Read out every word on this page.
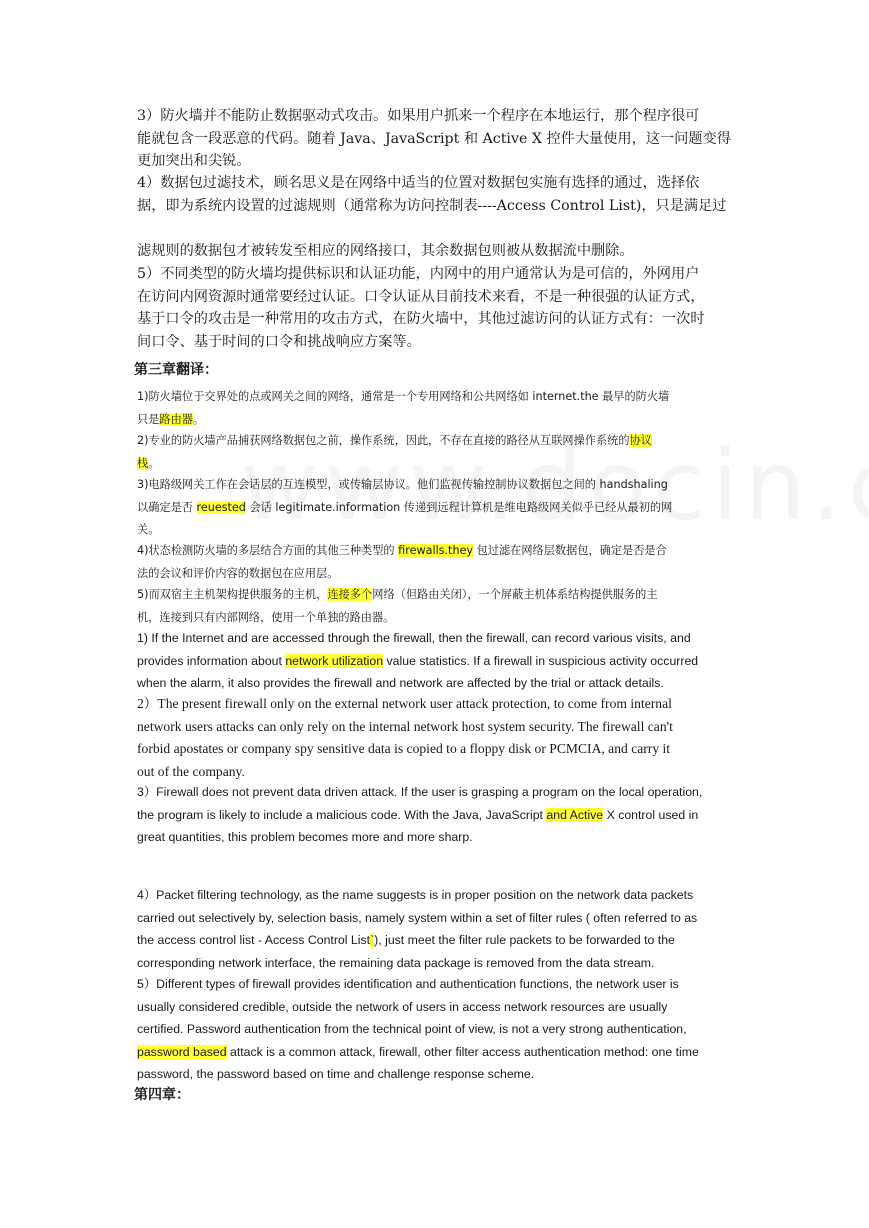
3）防火墙并不能防止数据驱动式攻击。如果用户抓来一个程序在本地运行，那个程序很可
能就包含一段恶意的代码。随着 Java、JavaScript 和 Active X 控件大量使用，这一问题变得
更加突出和尖锐。
4）数据包过滤技术，顾名思义是在网络中适当的位置对数据包实施有选择的通过，选择依
据，即为系统内设置的过滤规则（通常称为访问控制表----Access Control List)，只是满足过
滤规则的数据包才被转发至相应的网络接口，其余数据包则被从数据流中删除。
5）不同类型的防火墙均提供标识和认证功能，内网中的用户通常认为是可信的，外网用户
在访问内网资源时通常要经过认证。口令认证从目前技术来看，不是一种很强的认证方式，
基于口令的攻击是一种常用的攻击方式，在防火墙中，其他过滤访问的认证方式有：一次时
间口令、基于时间的口令和挑战响应方案等。
第三章翻译：
1)防火墙位于交界处的点或网关之间的网络，通常是一个专用网络和公共网络如 internet.the 最早的防火墙
只是路由器。
2)专业的防火墙产品捕获网络数据包之前，操作系统，因此，不存在直接的路径从互联网操作系统的协议
栈。
3)电路级网关工作在会话层的互连模型，或传输层协议。他们监视传输控制协议数据包之间的 handshaling
以确定是否 reuested 会话 legitimate.information 传递到远程计算机是维电路级网关似乎已经从最初的网
关。
4)状态检测防火墙的多层结合方面的其他三种类型的 firewalls.they 包过滤在网络层数据包，确定是否是合
法的会议和评价内容的数据包在应用层。
5)而双宿主主机架构提供服务的主机，连接多个网络（但路由关闭），一个屏蔽主机体系结构提供服务的主
机，连接到只有内部网络，使用一个单独的路由器。
1) If the Internet and are accessed through the firewall, then the firewall, can record various visits, and
provides information about network utilization value statistics. If a firewall in suspicious activity occurred
when the alarm, it also provides the firewall and network are affected by the trial or attack details.
2）The present firewall only on the external network user attack protection, to come from internal
network users attacks can only rely on the internal network host system security. The firewall can't
forbid apostates or company spy sensitive data is copied to a floppy disk or PCMCIA, and carry it
out of the company.
3）Firewall does not prevent data driven attack. If the user is grasping a program on the local operation,
the program is likely to include a malicious code. With the Java, JavaScript and Active X control used in
great quantities, this problem becomes more and more sharp.
4）Packet filtering technology, as the name suggests is in proper position on the network data packets
carried out selectively by, selection basis, namely system within a set of filter rules ( often referred to as
the access control list - Access Control List`), just meet the filter rule packets to be forwarded to the
corresponding network interface, the remaining data package is removed from the data stream.
5）Different types of firewall provides identification and authentication functions, the network user is
usually considered credible, outside the network of users in access network resources are usually
certified. Password authentication from the technical point of view, is not a very strong authentication,
password based attack is a common attack, firewall, other filter access authentication method: one time
password, the password based on time and challenge response scheme.
第四章：
